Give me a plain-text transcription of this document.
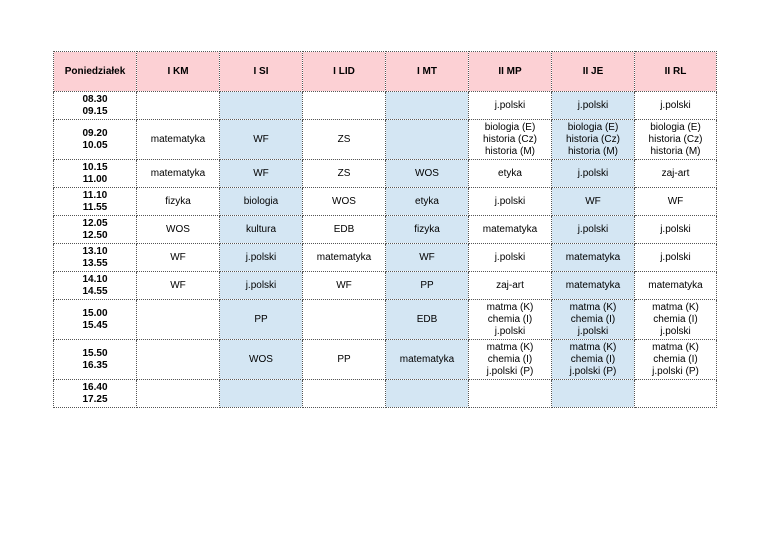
Poniedziałek	I KM	I SI	I LID	I MT	II MP	II JE	II RL

08.30
09.15					j.polski	j.polski	j.polski

09.20
10.05	matematyka	WF	ZS		biologia (E)
historia (Cz)
historia (M)	biologia (E)
historia (Cz)
historia (M)	biologia (E)
historia (Cz)
historia (M)

10.15
11.00	matematyka	WF	ZS	WOS	etyka	j.polski	zaj-art

11.10
11.55	fizyka	biologia	WOS	etyka	j.polski	WF	WF

12.05
12.50	WOS	kultura	EDB	fizyka	matematyka	j.polski	j.polski

13.10
13.55	WF	j.polski	matematyka	WF	j.polski	matematyka	j.polski

14.10
14.55	WF	j.polski	WF	PP	zaj-art	matematyka	matematyka

15.00
15.45		PP		EDB	matma (K)
chemia (I)
j.polski	matma (K)
chemia (I)
j.polski	matma (K)
chemia (I)
j.polski

15.50
16.35		WOS	PP	matematyka	matma (K)
chemia (I)
j.polski (P)	matma (K)
chemia (I)
j.polski (P)	matma (K)
chemia (I)
j.polski (P)

16.40
17.25							
